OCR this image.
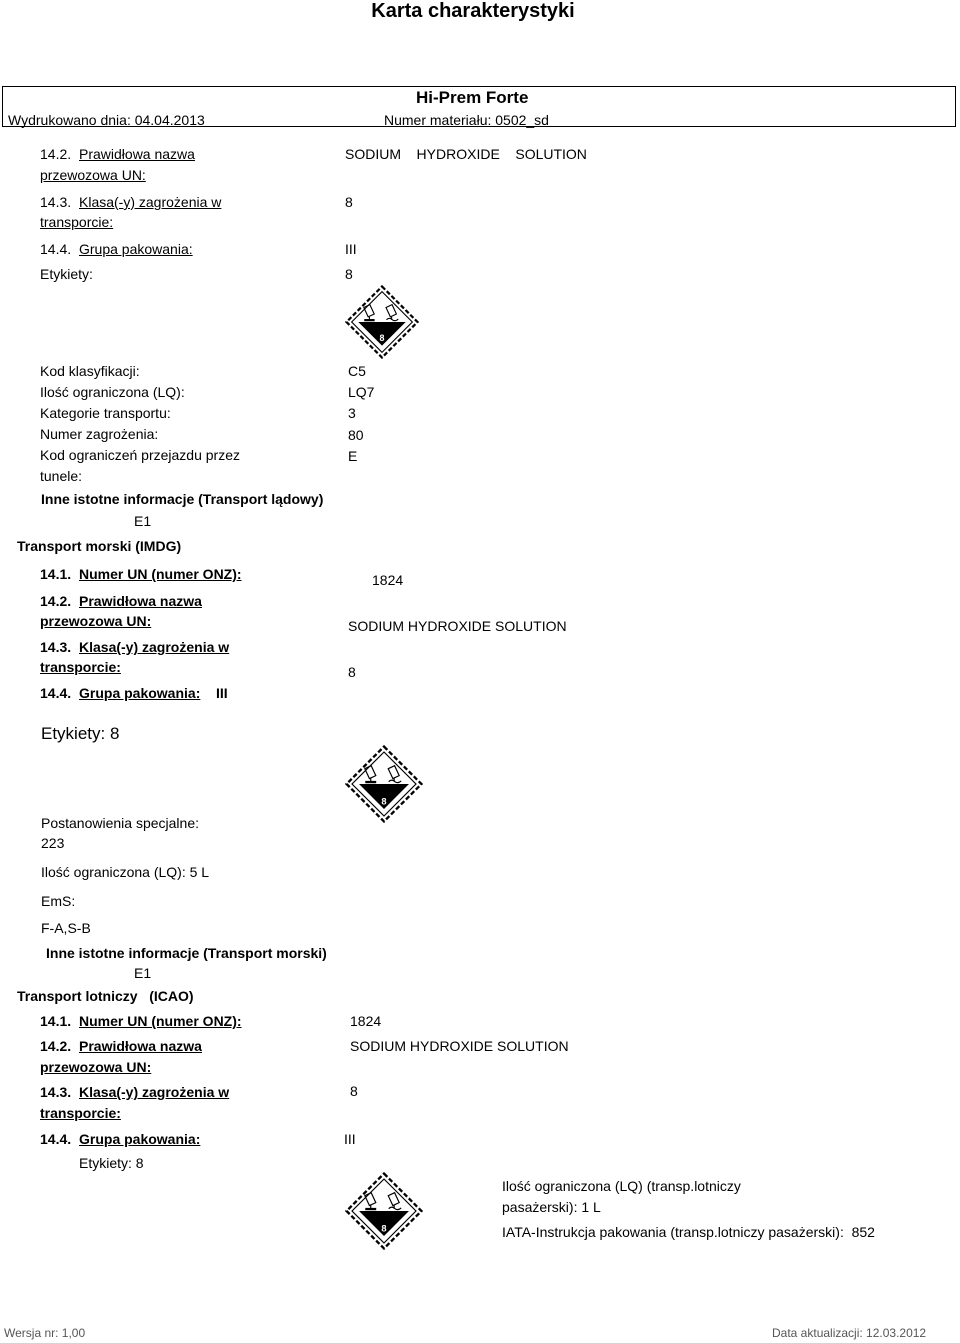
Karta charakterystyki
Hi-Prem Forte
Wydrukowano dnia: 04.04.2013	Numer materiału: 0502_sd
14.2. Prawidłowa nazwa
przewozowa UN:
SODIUM    HYDROXIDE    SOLUTION
14.3. Klasa(-y) zagrożenia w
transporcie:
8
14.4. Grupa pakowania:	III
Etykiety:	8
8
Kod klasyfikacji:	C5
Ilość ograniczona (LQ):	LQ7
Kategorie transportu:	3
Numer zagrożenia:	80
Kod ograniczeń przejazdu przez
tunele:
E
Inne istotne informacje (Transport lądowy)
E1
Transport morski (IMDG)
14.1. Numer UN (numer ONZ):	1824
14.2. Prawidłowa nazwa
przewozowa UN:	SODIUM HYDROXIDE SOLUTION
14.3. Klasa(-y) zagrożenia w
transporcie:	8
14.4. Grupa pakowania: III
Etykiety: 8
8
Postanowienia specjalne:
223
Ilość ograniczona (LQ): 5 L
EmS:
F-A,S-B
Inne istotne informacje (Transport morski)
E1
Transport lotniczy   (ICAO)
14.1. Numer UN (numer ONZ):	1824
14.2. Prawidłowa nazwa
przewozowa UN:
SODIUM HYDROXIDE SOLUTION
14.3. Klasa(-y) zagrożenia w
transporcie:
8
14.4. Grupa pakowania:	III
Etykiety: 8
8
Ilość ograniczona (LQ) (transp.lotniczy
pasażerski): 1 L
IATA-Instrukcja pakowania (transp.lotniczy pasażerski):  852
Wersja nr: 1,00	Data aktualizacji: 12.03.2012
